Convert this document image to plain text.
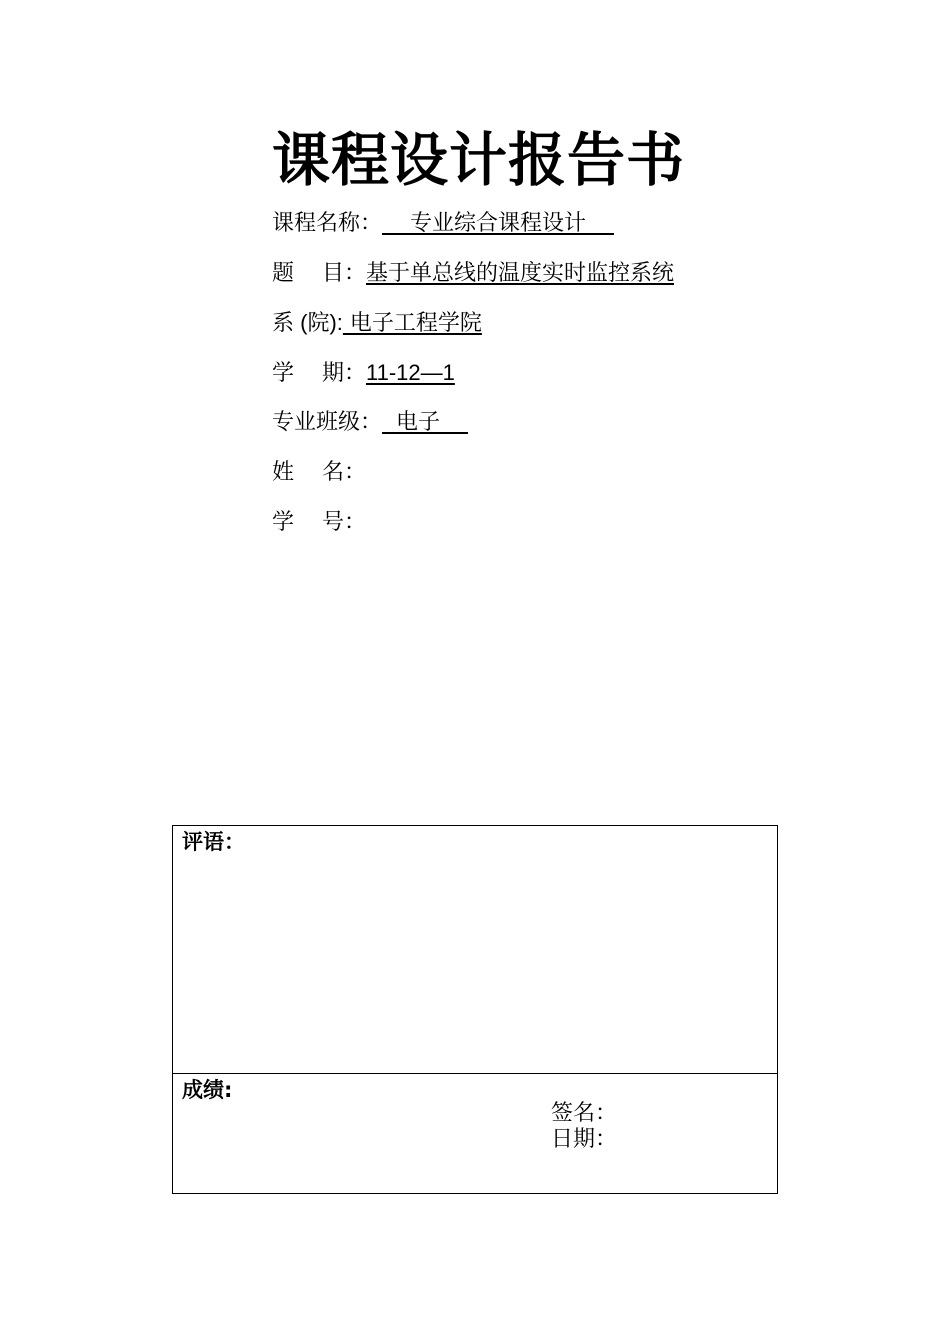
课程设计报告书
课程名称：    专业综合课程设计
题    目：基于单总线的温度实时监控系统
系 (院): 电子工程学院
学    期：11-12—1
专业班级：  电子
姓    名：
学    号：
评语：
成绩:
签名：
日期：
